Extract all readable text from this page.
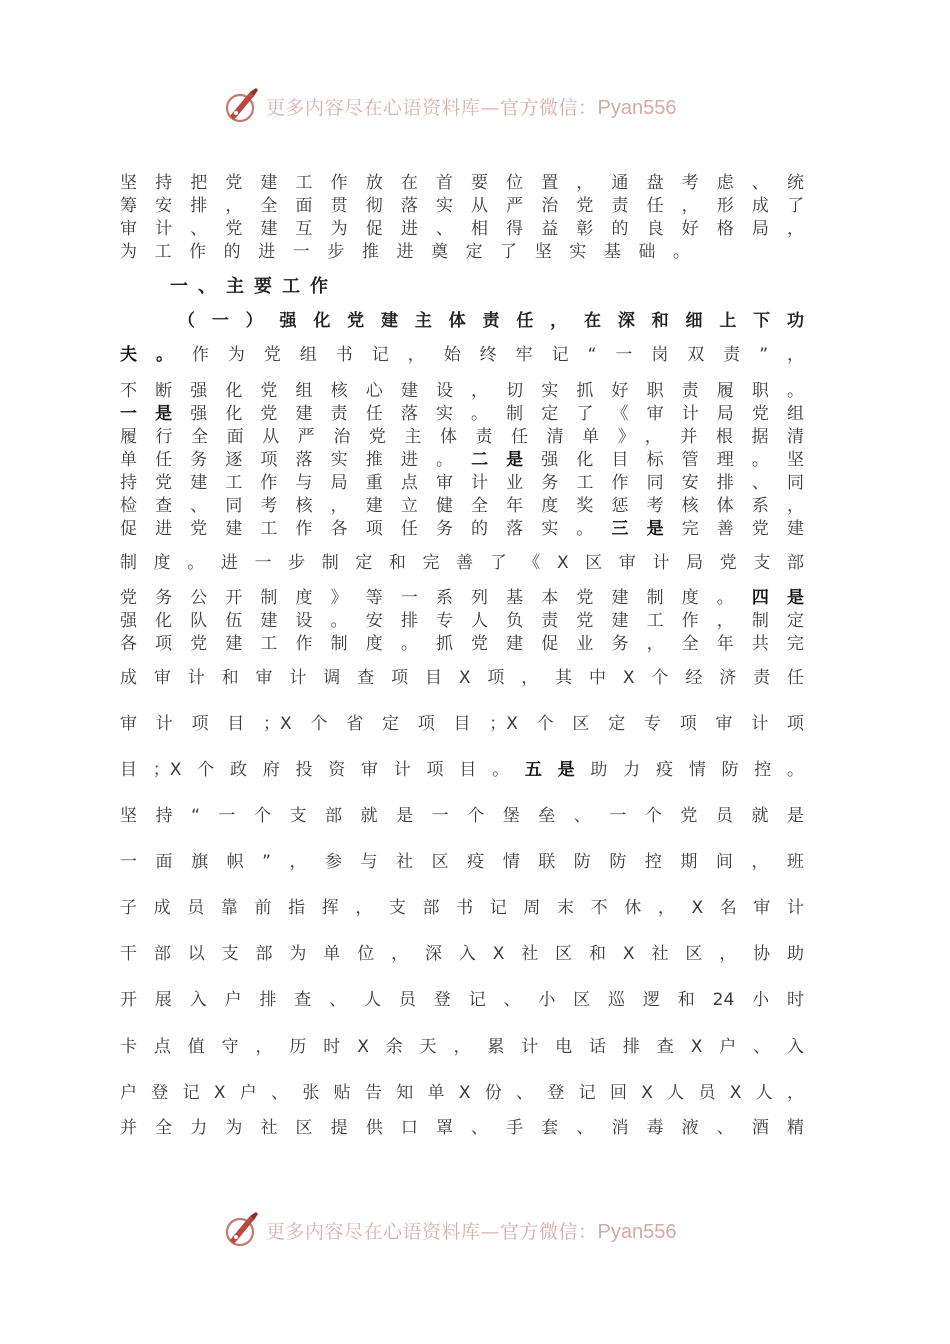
更多内容尽在心语资料库—官方微信：Pyan556
坚持把党建工作放在首要位置，通盘考虑、统
筹安排，全面贯彻落实从严治党责任，形成了
审计、党建互为促进、相得益彰的良好格局，
为工作的进一步推进奠定了坚实基础。
一、主要工作
（一）强化党建主体责任，在深和细上下功
夫。作为党组书记，始终牢记“一岗双责”，
不断强化党组核心建设，切实抓好职责履职。
一是强化党建责任落实。制定了《审计局党组
履行全面从严治党主体责任清单》，并根据清
单任务逐项落实推进。二是强化目标管理。坚
持党建工作与局重点审计业务工作同安排、同
检查、同考核，建立健全年度奖惩考核体系，
促进党建工作各项任务的落实。三是完善党建
制度。进一步制定和完善了《X区审计局党支部
党务公开制度》等一系列基本党建制度。四是
强化队伍建设。安排专人负责党建工作，制定
各项党建工作制度。抓党建促业务，全年共完
成审计和审计调查项目X项，其中X个经济责任
审计项目；X个省定项目；X个区定专项审计项
目；X个政府投资审计项目。五是助力疫情防控。
坚持“一个支部就是一个堡垒、一个党员就是
一面旗帜”，参与社区疫情联防防控期间，班
子成员靠前指挥，支部书记周末不休，X名审计
干部以支部为单位，深入X社区和X社区，协助
开展入户排查、人员登记、小区巡逻和24小时
卡点值守，历时X余天，累计电话排查X户、入
户登记X户、张贴告知单X份、登记回X人员X人，
并全力为社区提供口罩、手套、消毒液、酒精
更多内容尽在心语资料库—官方微信：Pyan556
